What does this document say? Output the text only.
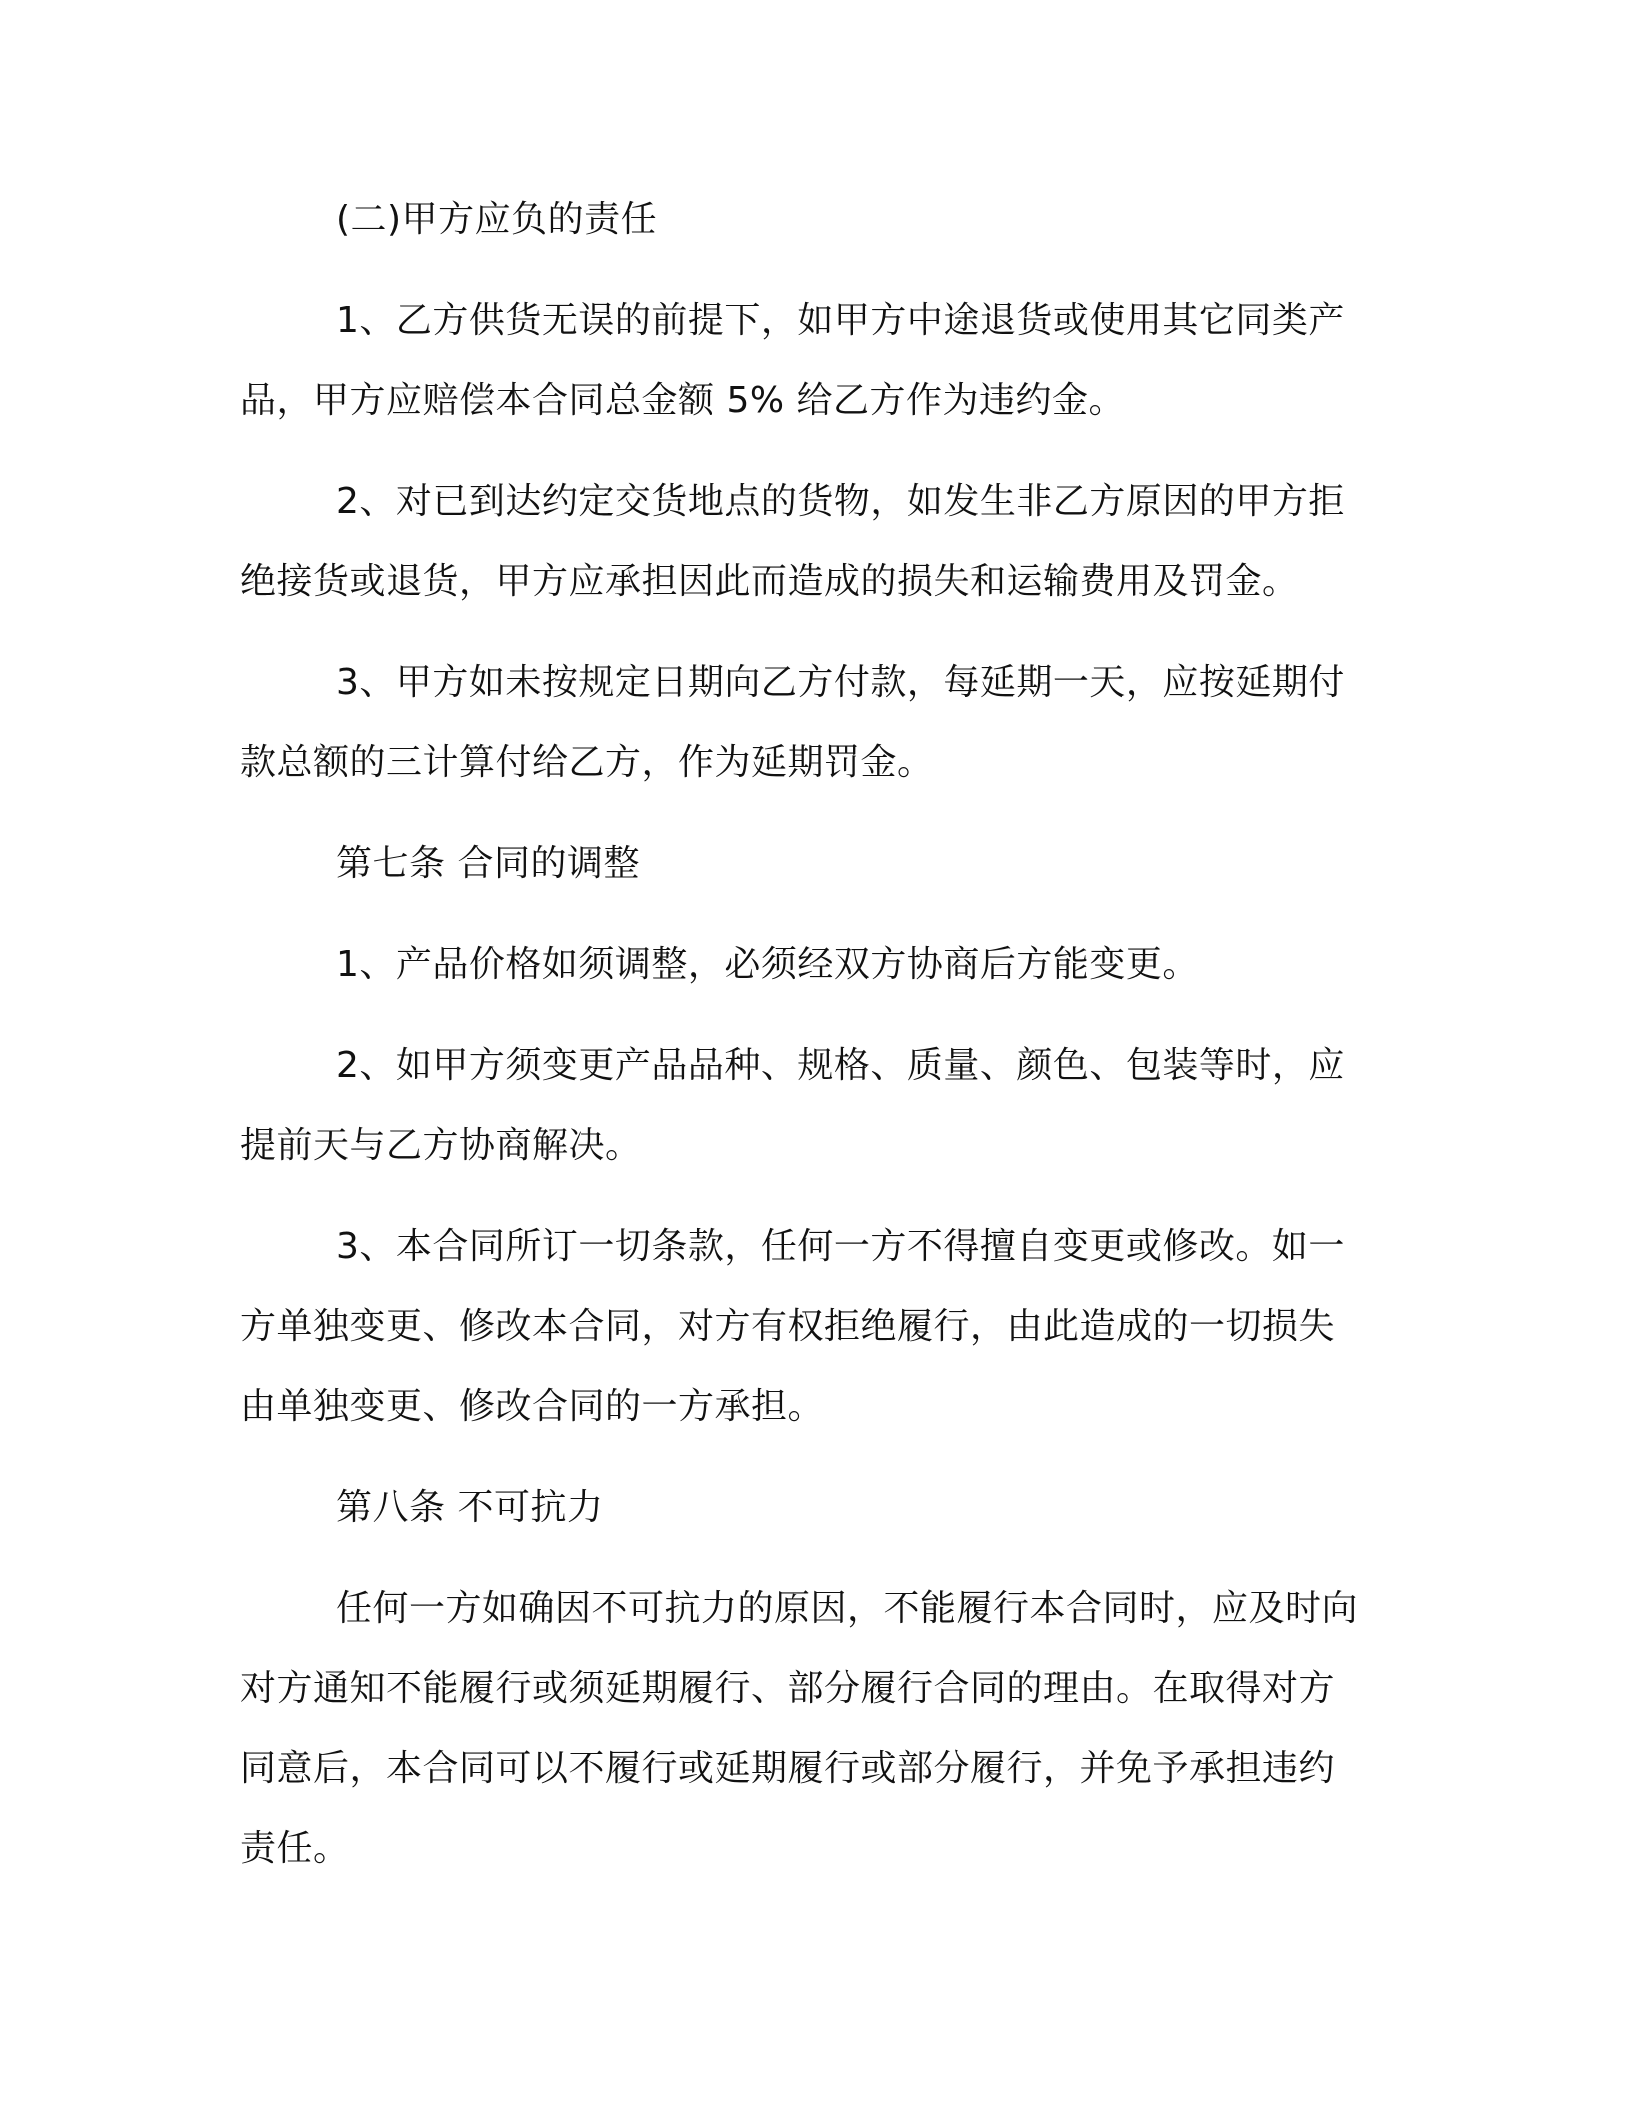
(二)甲方应负的责任

1、乙方供货无误的前提下，如甲方中途退货或使用其它同类产
品，甲方应赔偿本合同总金额 5% 给乙方作为违约金。

2、对已到达约定交货地点的货物，如发生非乙方原因的甲方拒
绝接货或退货，甲方应承担因此而造成的损失和运输费用及罚金。

3、甲方如未按规定日期向乙方付款，每延期一天，应按延期付
款总额的三计算付给乙方，作为延期罚金。

第七条 合同的调整

1、产品价格如须调整，必须经双方协商后方能变更。

2、如甲方须变更产品品种、规格、质量、颜色、包装等时，应
提前天与乙方协商解决。

3、本合同所订一切条款，任何一方不得擅自变更或修改。如一
方单独变更、修改本合同，对方有权拒绝履行，由此造成的一切损失
由单独变更、修改合同的一方承担。

第八条 不可抗力

任何一方如确因不可抗力的原因，不能履行本合同时，应及时向
对方通知不能履行或须延期履行、部分履行合同的理由。在取得对方
同意后，本合同可以不履行或延期履行或部分履行，并免予承担违约
责任。
